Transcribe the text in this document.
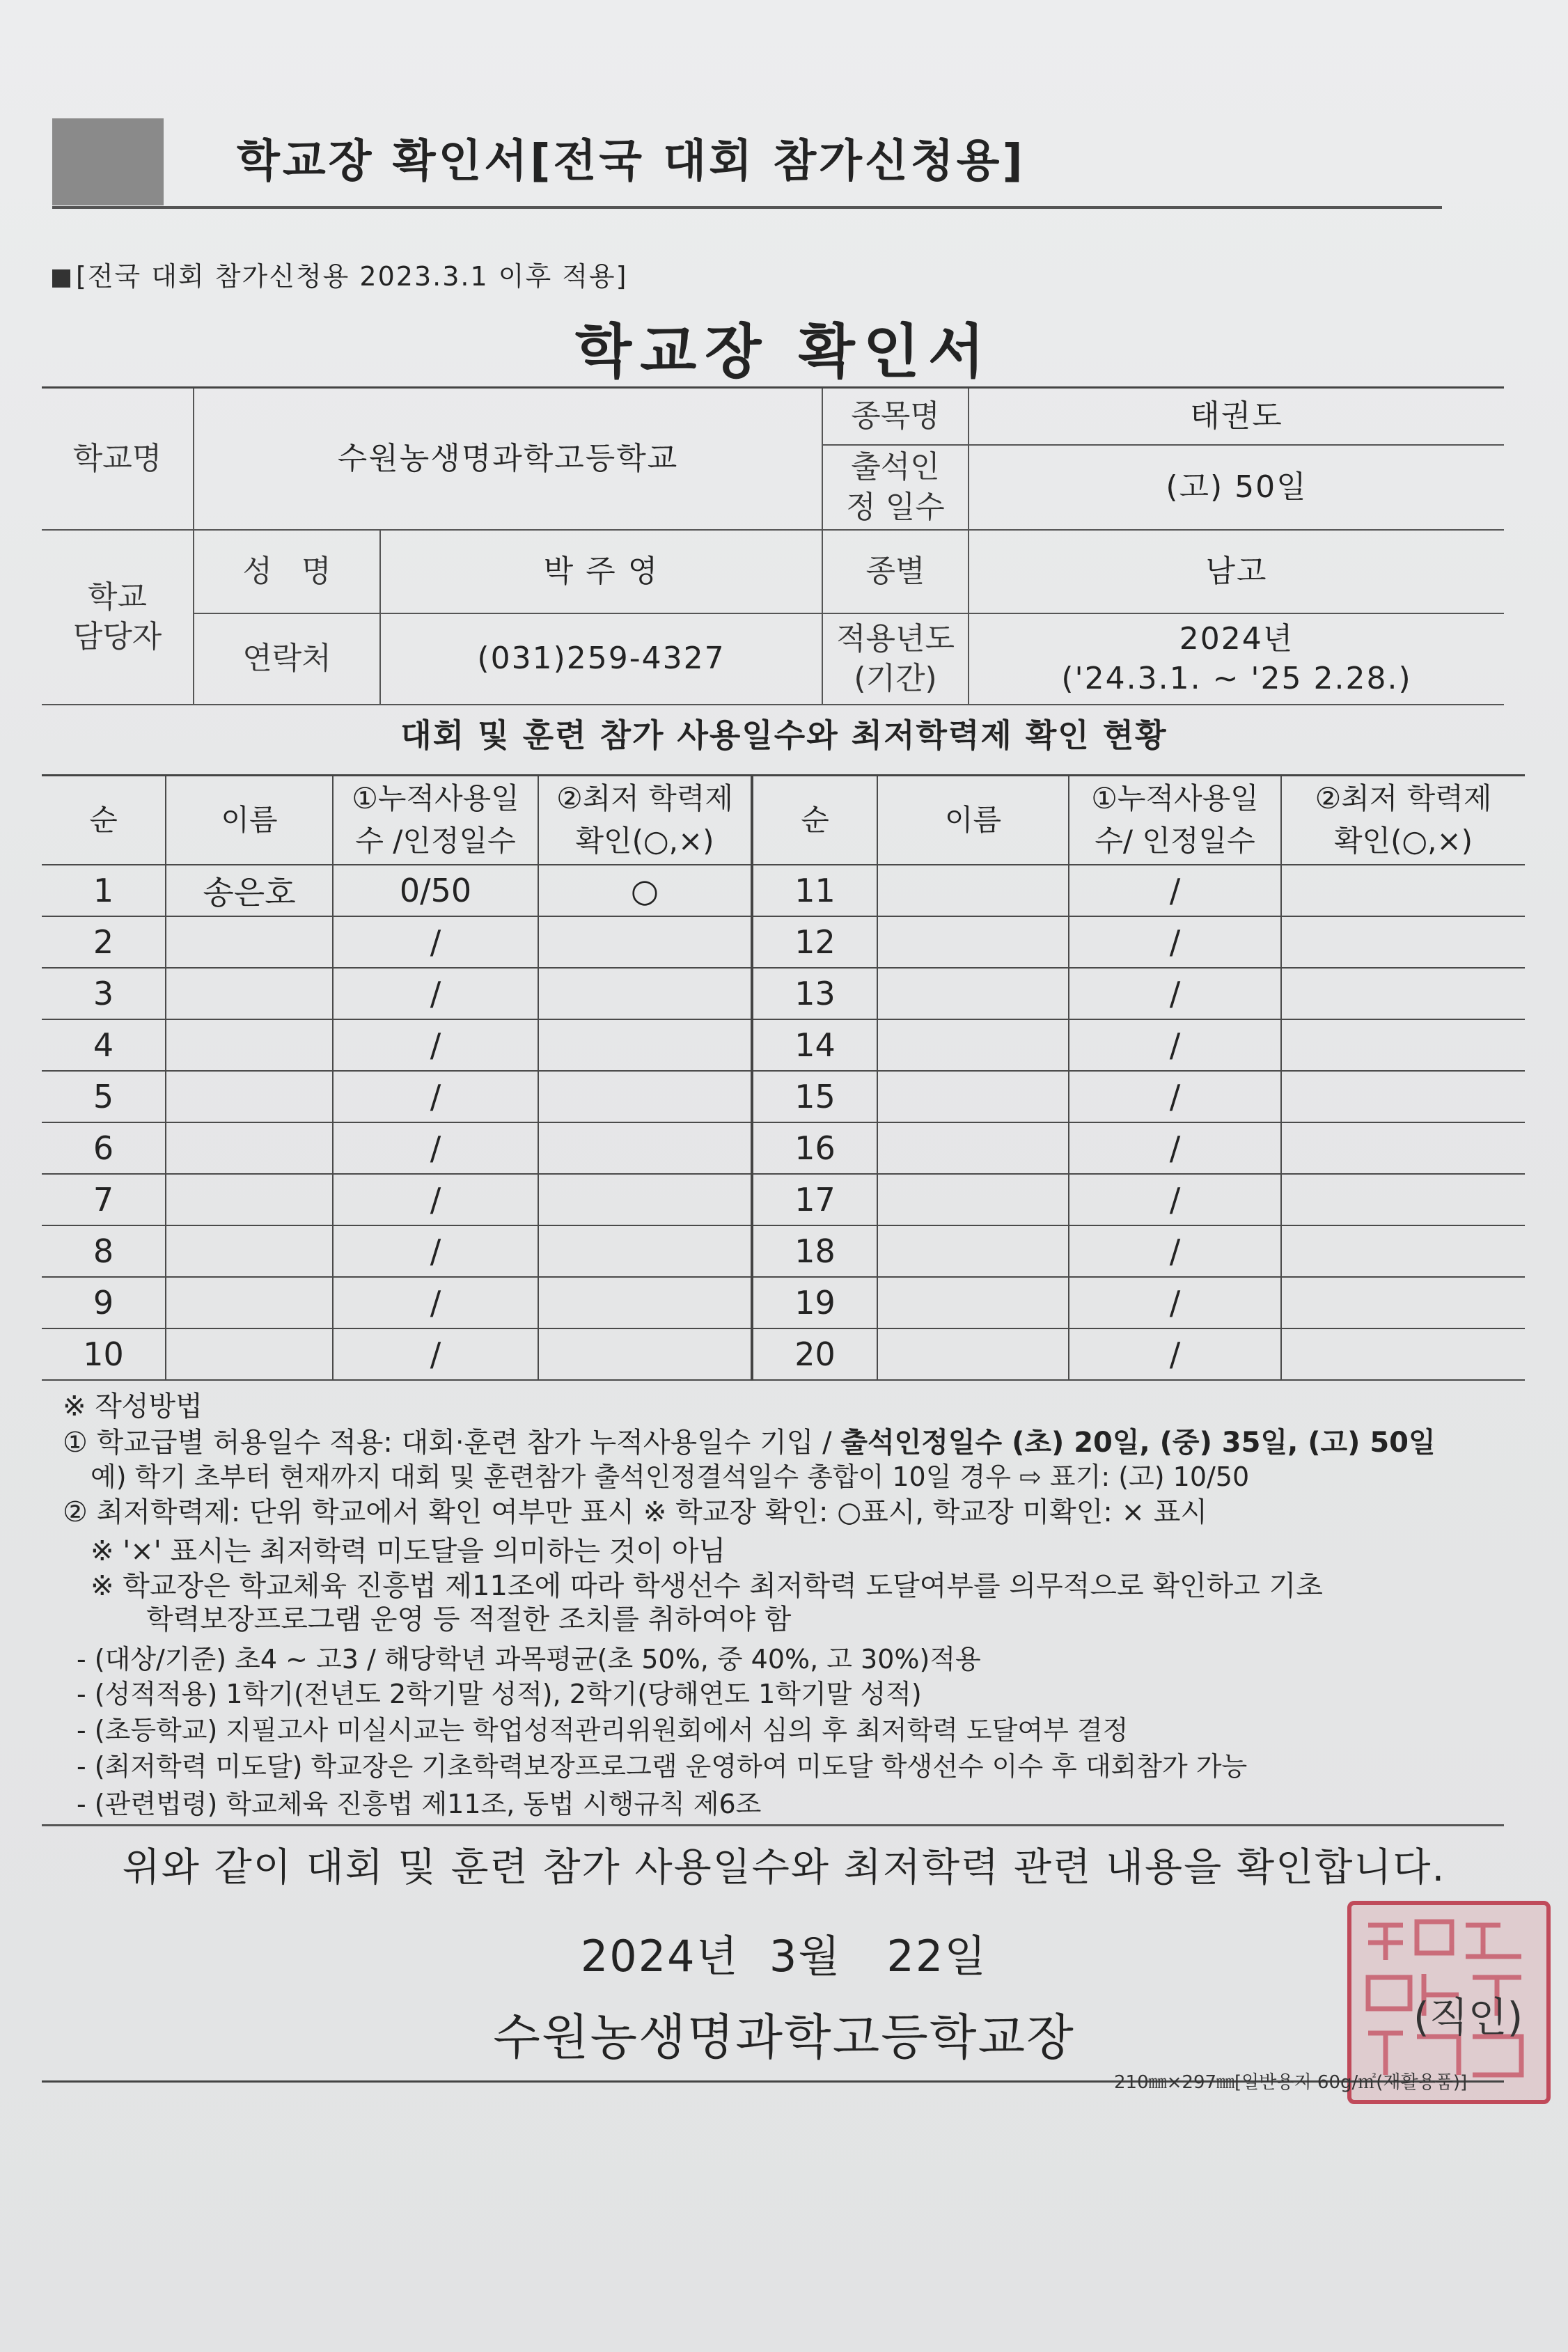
학교장 확인서[전국 대회 참가신청용]
[전국 대회 참가신청용 2023.3.1 이후 적용]
학교장 확인서
학교명	수원농생명과학고등학교		종목명	태권도
			출석인정 일수	(고) 50일
학교 담당자	성   명	박 주 영	종별	남고
	연락처	(031)259-4327	적용년도 (기간)	2024년
('24.3.1. ~ '25 2.28.)
대회 및 훈련 참가 사용일수와 최저학력제 확인 현황
순	이름	①누적사용일수 /인정일수	②최저 학력제 확인(○,×)	순	이름	①누적사용일수/ 인정일수	②최저 학력제 확인(○,×)
1	송은호	0/50	○	11		/	
2		/		12		/	
3		/		13		/	
4		/		14		/	
5		/		15		/	
6		/		16		/	
7		/		17		/	
8		/		18		/	
9		/		19		/	
10		/		20		/	
※ 작성방법
① 학교급별 허용일수 적용: 대회·훈련 참가 누적사용일수 기입 / 출석인정일수 (초) 20일, (중) 35일, (고) 50일
예) 학기 초부터 현재까지 대회 및 훈련참가 출석인정결석일수 총합이 10일 경우 ⇨ 표기: (고) 10/50
② 최저학력제: 단위 학교에서 확인 여부만 표시 ※ 학교장 확인: ○표시, 학교장 미확인: × 표시
※ '×' 표시는 최저학력 미도달을 의미하는 것이 아님
※ 학교장은 학교체육 진흥법 제11조에 따라 학생선수 최저학력 도달여부를 의무적으로 확인하고 기초
학력보장프로그램 운영 등 적절한 조치를 취하여야 함
- (대상/기준) 초4 ~ 고3 / 해당학년 과목평균(초 50%, 중 40%, 고 30%)적용
- (성적적용) 1학기(전년도 2학기말 성적), 2학기(당해연도 1학기말 성적)
- (초등학교) 지필고사 미실시교는 학업성적관리위원회에서 심의 후 최저학력 도달여부 결정
- (최저학력 미도달) 학교장은 기초학력보장프로그램 운영하여 미도달 학생선수 이수 후 대회참가 가능
- (관련법령) 학교체육 진흥법 제11조, 동법 시행규칙 제6조
위와 같이 대회 및 훈련 참가 사용일수와 최저학력 관련 내용을 확인합니다.
2024년  3월   22일
수원농생명과학고등학교장	(직인)
210㎜×297㎜[일반용지 60g/㎡(재활용품)]
